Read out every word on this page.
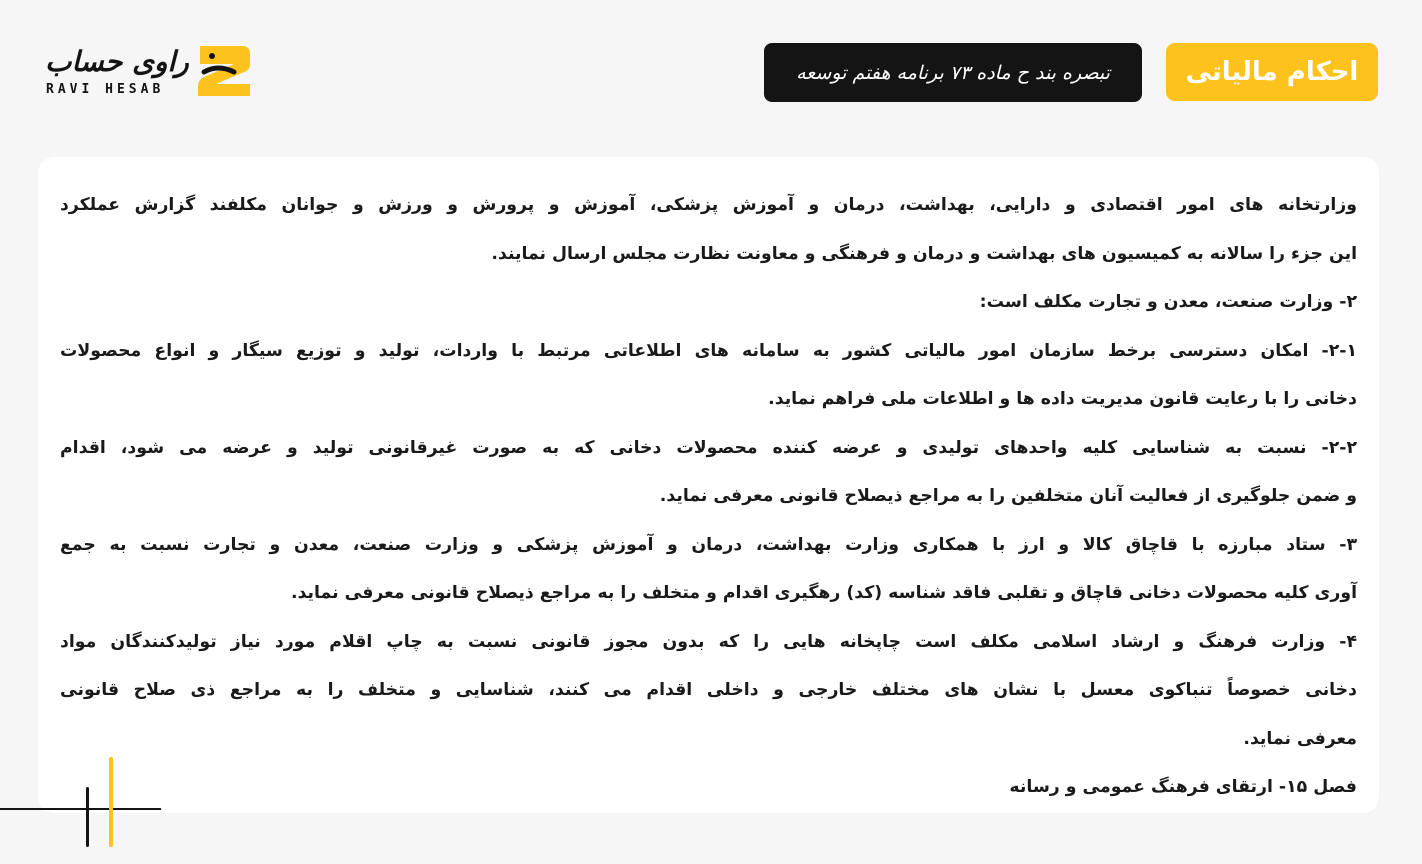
احکام مالیاتی
تبصره بند ح ماده ۷۳ برنامه هفتم توسعه
راوی حساب
RAVI HESAB
وزارتخانه های امور اقتصادی و دارایی، بهداشت، درمان و آموزش پزشکی، آموزش و پرورش و ورزش و جوانان مکلفند گزارش عملکرد
این جزء را سالانه به کمیسیون های بهداشت و درمان و فرهنگی و معاونت نظارت مجلس ارسال نمایند.
۲- وزارت صنعت، معدن و تجارت مکلف است:
۲-۱- امکان دسترسی برخط سازمان امور مالیاتی کشور به سامانه های اطلاعاتی مرتبط با واردات، تولید و توزیع سیگار و انواع محصولات
دخانی را با رعایت قانون مدیریت داده ها و اطلاعات ملی فراهم نماید.
۲-۲- نسبت به شناسایی کلیه واحدهای تولیدی و عرضه کننده محصولات دخانی که به صورت غیرقانونی تولید و عرضه می شود، اقدام
و ضمن جلوگیری از فعالیت آنان متخلفین را به مراجع ذیصلاح قانونی معرفی نماید.
۳- ستاد مبارزه با قاچاق کالا و ارز با همکاری وزارت بهداشت، درمان و آموزش پزشکی و وزارت صنعت، معدن و تجارت نسبت به جمع
آوری کلیه محصولات دخانی قاچاق و تقلبی فاقد شناسه (کد) رهگیری اقدام و متخلف را به مراجع ذیصلاح قانونی معرفی نماید.
۴- وزارت فرهنگ و ارشاد اسلامی مکلف است چاپخانه هایی را که بدون مجوز قانونی نسبت به چاپ اقلام مورد نیاز تولیدکنندگان مواد
دخانی خصوصاً تنباکوی معسل با نشان های مختلف خارجی و داخلی اقدام می کنند، شناسایی و متخلف را به مراجع ذی صلاح قانونی
معرفی نماید.
فصل ۱۵- ارتقای فرهنگ عمومی و رسانه
